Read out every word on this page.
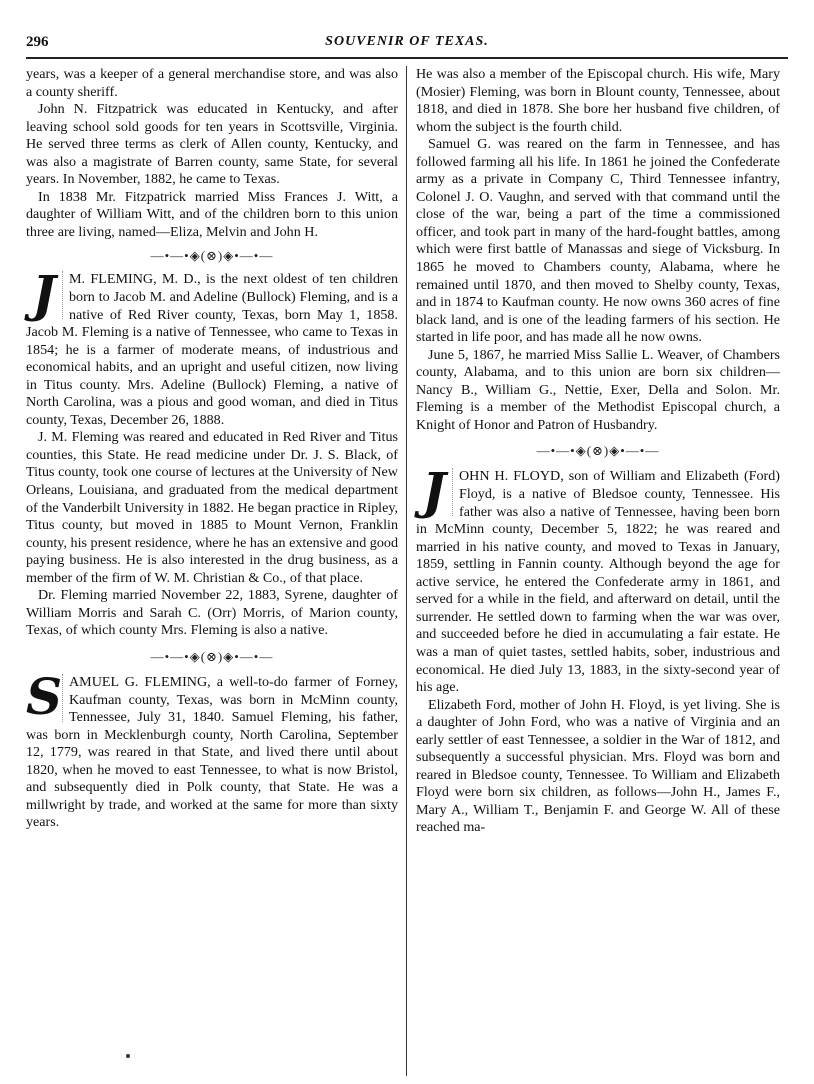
296	SOUVENIR OF TEXAS.

years, was a keeper of a general merchandise store, and was also a county sheriff.

John N. Fitzpatrick was educated in Kentucky, and after leaving school sold goods for ten years in Scottsville, Virginia. He served three terms as clerk of Allen county, Kentucky, and was also a magistrate of Barren county, same State, for several years. In November, 1882, he came to Texas.

In 1838 Mr. Fitzpatrick married Miss Frances J. Witt, a daughter of William Witt, and of the children born to this union three are living, named—Eliza, Melvin and John H.

—•—•◈(⊗)◈•—•—
J M. FLEMING, M. D., is the next oldest of ten children born to Jacob M. and Adeline (Bullock) Fleming, and is a native of Red River county, Texas, born May 1, 1858. Jacob M. Fleming is a native of Tennessee, who came to Texas in 1854; he is a farmer of moderate means, of industrious and economical habits, and an upright and useful citizen, now living in Titus county. Mrs. Adeline (Bullock) Fleming, a native of North Carolina, was a pious and good woman, and died in Titus county, Texas, December 26, 1888.

J. M. Fleming was reared and educated in Red River and Titus counties, this State. He read medicine under Dr. J. S. Black, of Titus county, took one course of lectures at the University of New Orleans, Louisiana, and graduated from the medical department of the Vanderbilt University in 1882. He began practice in Ripley, Titus county, but moved in 1885 to Mount Vernon, Franklin county, his present residence, where he has an extensive and good paying business. He is also interested in the drug business, as a member of the firm of W. M. Christian & Co., of that place.

Dr. Fleming married November 22, 1883, Syrene, daughter of William Morris and Sarah C. (Orr) Morris, of Marion county, Texas, of which county Mrs. Fleming is also a native.

—•—•◈(⊗)◈•—•—
S AMUEL G. FLEMING, a well-to-do farmer of Forney, Kaufman county, Texas, was born in McMinn county, Tennessee, July 31, 1840. Samuel Fleming, his father, was born in Mecklenburgh county, North Carolina, September 12, 1779, was reared in that State, and lived there until about 1820, when he moved to east Tennessee, to what is now Bristol, and subsequently died in Polk county, that State. He was a millwright by trade, and worked at the same for more than sixty years.

He was also a member of the Episcopal church. His wife, Mary (Mosier) Fleming, was born in Blount county, Tennessee, about 1818, and died in 1878. She bore her husband five children, of whom the subject is the fourth child.

Samuel G. was reared on the farm in Tennessee, and has followed farming all his life. In 1861 he joined the Confederate army as a private in Company C, Third Tennessee infantry, Colonel J. O. Vaughn, and served with that command until the close of the war, being a part of the time a commissioned officer, and took part in many of the hard-fought battles, among which were first battle of Manassas and siege of Vicksburg. In 1865 he moved to Chambers county, Alabama, where he remained until 1870, and then moved to Shelby county, Texas, and in 1874 to Kaufman county. He now owns 360 acres of fine black land, and is one of the leading farmers of his section. He started in life poor, and has made all he now owns.

June 5, 1867, he married Miss Sallie L. Weaver, of Chambers county, Alabama, and to this union are born six children—Nancy B., William G., Nettie, Exer, Della and Solon. Mr. Fleming is a member of the Methodist Episcopal church, a Knight of Honor and Patron of Husbandry.

—•—•◈(⊗)◈•—•—
J OHN H. FLOYD, son of William and Elizabeth (Ford) Floyd, is a native of Bledsoe county, Tennessee. His father was also a native of Tennessee, having been born in McMinn county, December 5, 1822; he was reared and married in his native county, and moved to Texas in January, 1859, settling in Fannin county. Although beyond the age for active service, he entered the Confederate army in 1861, and served for a while in the field, and afterward on detail, until the surrender. He settled down to farming when the war was over, and succeeded before he died in accumulating a fair estate. He was a man of quiet tastes, settled habits, sober, industrious and economical. He died July 13, 1883, in the sixty-second year of his age.

Elizabeth Ford, mother of John H. Floyd, is yet living. She is a daughter of John Ford, who was a native of Virginia and an early settler of east Tennessee, a soldier in the War of 1812, and subsequently a successful physician. Mrs. Floyd was born and reared in Bledsoe county, Tennessee. To William and Elizabeth Floyd were born six children, as follows—John H., James F., Mary A., William T., Benjamin F. and George W. All of these reached ma-
